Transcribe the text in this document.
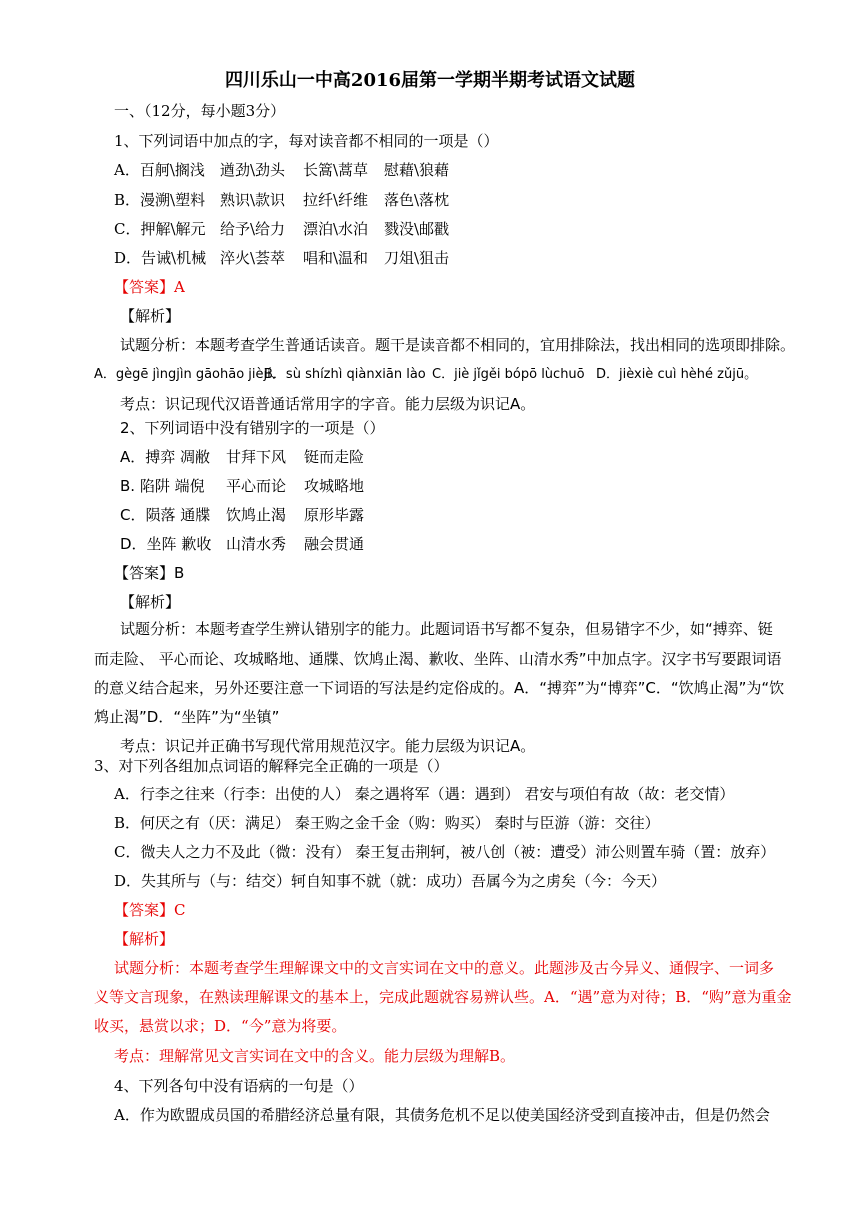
四川乐山一中高2016届第一学期半期考试语文试题
一、（12分，每小题3分）
1、下列词语中加点的字，每对读音都不相同的一项是（）
A．百舸\搁浅 遒劲\劲头 长篙\蒿草 慰藉\狼藉
B．漫溯\塑料 熟识\款识 拉纤\纤维 落色\落枕
C．押解\解元 给予\给力 漂泊\水泊 戮没\邮戳
D．告诫\机械 淬火\荟萃 唱和\温和 刀俎\狙击
【答案】A
【解析】
试题分析：本题考查学生普通话读音。题干是读音都不相同的，宜用排除法，找出相同的选项即排除。
A．gègē jìngjìn gāohāo jièjí、B．sù shízhì qiànxiān lào C．jiè jǐgěi bópō lùchuō D．jièxiè cuì hèhé zǔjū。
考点：识记现代汉语普通话常用字的字音。能力层级为识记A。
2、下列词语中没有错别字的一项是（）
A．搏弈 凋敝 甘拜下风 铤而走险
B. 陷阱 端倪 平心而论 攻城略地
C．陨落 通牒 饮鸠止渴 原形毕露
D．坐阵 歉收 山清水秀 融会贯通
【答案】B
【解析】
试题分析：本题考查学生辨认错别字的能力。此题词语书写都不复杂，但易错字不少，如“搏弈、铤
而走险、 平心而论、攻城略地、通牒、饮鸠止渴、歉收、坐阵、山清水秀”中加点字。汉字书写要跟词语
的意义结合起来，另外还要注意一下词语的写法是约定俗成的。A．“搏弈”为“博弈”C．“饮鸠止渴”为“饮
鸩止渴”D．“坐阵”为“坐镇”
考点：识记并正确书写现代常用规范汉字。能力层级为识记A。
3、对下列各组加点词语的解释完全正确的一项是（）
A．行李之往来（行李：出使的人） 秦之遇将军（遇：遇到） 君安与项伯有故（故：老交情）
B．何厌之有（厌：满足） 秦王购之金千金（购：购买） 秦时与臣游（游：交往）
C．微夫人之力不及此（微：没有） 秦王复击荆轲，被八创（被：遭受）沛公则置车骑（置：放弃）
D．失其所与（与：结交）轲自知事不就（就：成功）吾属今为之虏矣（今：今天）
【答案】C
【解析】
试题分析：本题考查学生理解课文中的文言实词在文中的意义。此题涉及古今异义、通假字、一词多
义等文言现象，在熟读理解课文的基本上，完成此题就容易辨认些。A．“遇”意为对待；B．“购”意为重金
收买，悬赏以求；D．“今”意为将要。
考点：理解常见文言实词在文中的含义。能力层级为理解B。
4、下列各句中没有语病的一句是（）
A．作为欧盟成员国的希腊经济总量有限，其债务危机不足以使美国经济受到直接冲击，但是仍然会
